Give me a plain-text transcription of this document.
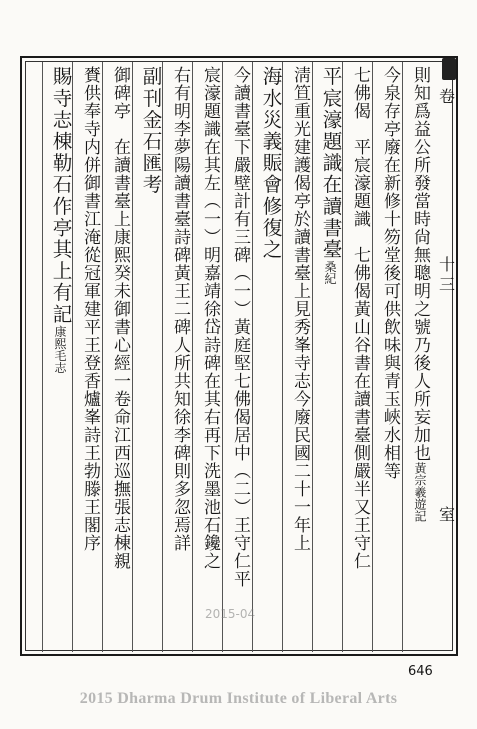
卷
十
三
室
則知爲益公所發當時尙無聰明之號乃後人所妄加也黃宗羲遊記
今泉存亭廢在新修十笏堂後可供飲味與青玉峽水相等
七佛偈　平宸濠題識　七佛偈黃山谷書在讀書臺側嚴半又王守仁
平宸濠題識在讀書臺桑紀
淸笪重光建護偈亭於讀書臺上見秀峯寺志今廢民國二十一年上
海水災義賑會修復之
今讀書臺下嚴壁計有三碑（一）黃庭堅七佛偈居中（二）王守仁平
宸濠題識在其左（一）明嘉靖徐岱詩碑在其右再下洗墨池石鑱之
右有明李夢陽讀書臺詩碑黃王二碑人所共知徐李碑則多忽焉詳
副刊金石匯考
御碑亭　在讀書臺上康熙癸未御書心經一卷命江西巡撫張志棟親
賚供奉寺内併御書江淹從冠軍建平王登香爐峯詩王勃滕王閣序
賜寺志棟勒石作亭其上有記康熙毛志
2015-04
646
2015 Dharma Drum Institute of Liberal Arts
